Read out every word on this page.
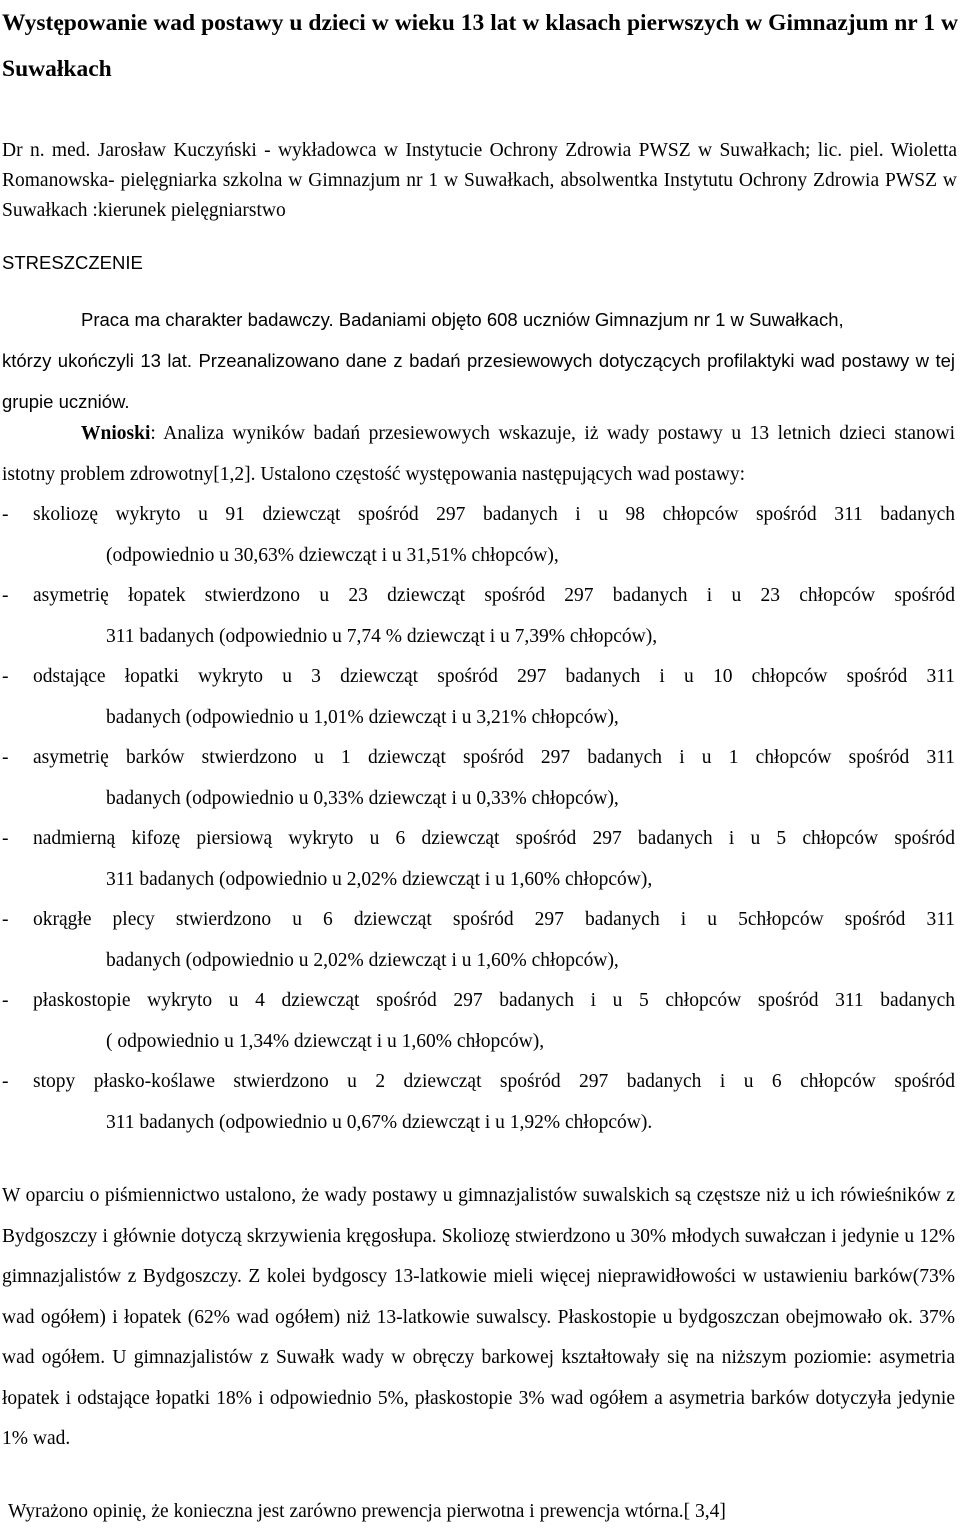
Występowanie wad postawy u dzieci w wieku 13 lat w klasach pierwszych w Gimnazjum nr 1 w Suwałkach

Dr n. med. Jarosław Kuczyński - wykładowca w Instytucie Ochrony Zdrowia PWSZ w Suwałkach; lic. piel. Wioletta Romanowska- pielęgniarka szkolna w Gimnazjum nr 1 w Suwałkach, absolwentka Instytutu Ochrony Zdrowia PWSZ w Suwałkach :kierunek pielęgniarstwo

STRESZCZENIE
Praca ma charakter badawczy. Badaniami objęto 608 uczniów Gimnazjum nr 1 w Suwałkach,
którzy ukończyli 13 lat. Przeanalizowano dane z badań przesiewowych dotyczących profilaktyki wad postawy w tej grupie uczniów.
Wnioski: Analiza wyników badań przesiewowych wskazuje, iż wady postawy u 13 letnich dzieci stanowi istotny problem zdrowotny[1,2]. Ustalono częstość występowania następujących wad postawy:
- skoliozę wykryto u 91 dziewcząt spośród 297 badanych i u 98 chłopców spośród 311 badanych
(odpowiednio u 30,63% dziewcząt i u 31,51% chłopców),
- asymetrię łopatek stwierdzono u 23 dziewcząt spośród 297 badanych i u 23 chłopców spośród
311 badanych (odpowiednio u 7,74 % dziewcząt i u 7,39% chłopców),
- odstające łopatki wykryto u 3 dziewcząt spośród 297 badanych i u 10 chłopców spośród 311
badanych (odpowiednio u 1,01% dziewcząt i u 3,21% chłopców),
- asymetrię barków stwierdzono u 1 dziewcząt spośród 297 badanych i u 1 chłopców spośród 311
badanych (odpowiednio u 0,33% dziewcząt i u 0,33% chłopców),
- nadmierną kifozę piersiową wykryto u 6 dziewcząt spośród 297 badanych i u 5 chłopców spośród
311 badanych (odpowiednio u 2,02% dziewcząt i u 1,60% chłopców),
- okrągłe plecy stwierdzono u 6 dziewcząt spośród 297 badanych i u 5chłopców spośród 311
badanych (odpowiednio u 2,02% dziewcząt i u 1,60% chłopców),
- płaskostopie wykryto u 4 dziewcząt spośród 297 badanych i u 5 chłopców spośród 311 badanych
( odpowiednio u 1,34% dziewcząt i u 1,60% chłopców),
- stopy płasko-koślawe stwierdzono u 2 dziewcząt spośród 297 badanych i u 6 chłopców spośród
311 badanych (odpowiednio u 0,67% dziewcząt i u 1,92% chłopców).

W oparciu o piśmiennictwo ustalono, że wady postawy u gimnazjalistów suwalskich są częstsze niż u ich rówieśników z Bydgoszczy i głównie dotyczą skrzywienia kręgosłupa. Skoliozę stwierdzono u 30% młodych suwałczan i jedynie u 12% gimnazjalistów z Bydgoszczy. Z kolei bydgoscy 13-latkowie mieli więcej nieprawidłowości w ustawieniu barków(73% wad ogółem) i łopatek (62% wad ogółem) niż 13-latkowie suwalscy. Płaskostopie u bydgoszczan obejmowało ok. 37% wad ogółem. U gimnazjalistów z Suwałk wady w obręczy barkowej kształtowały się na niższym poziomie: asymetria łopatek i odstające łopatki 18% i odpowiednio 5%, płaskostopie 3% wad ogółem a asymetria barków dotyczyła jedynie 1% wad.

Wyrażono opinię, że konieczna jest zarówno prewencja pierwotna i prewencja wtórna.[ 3,4]
